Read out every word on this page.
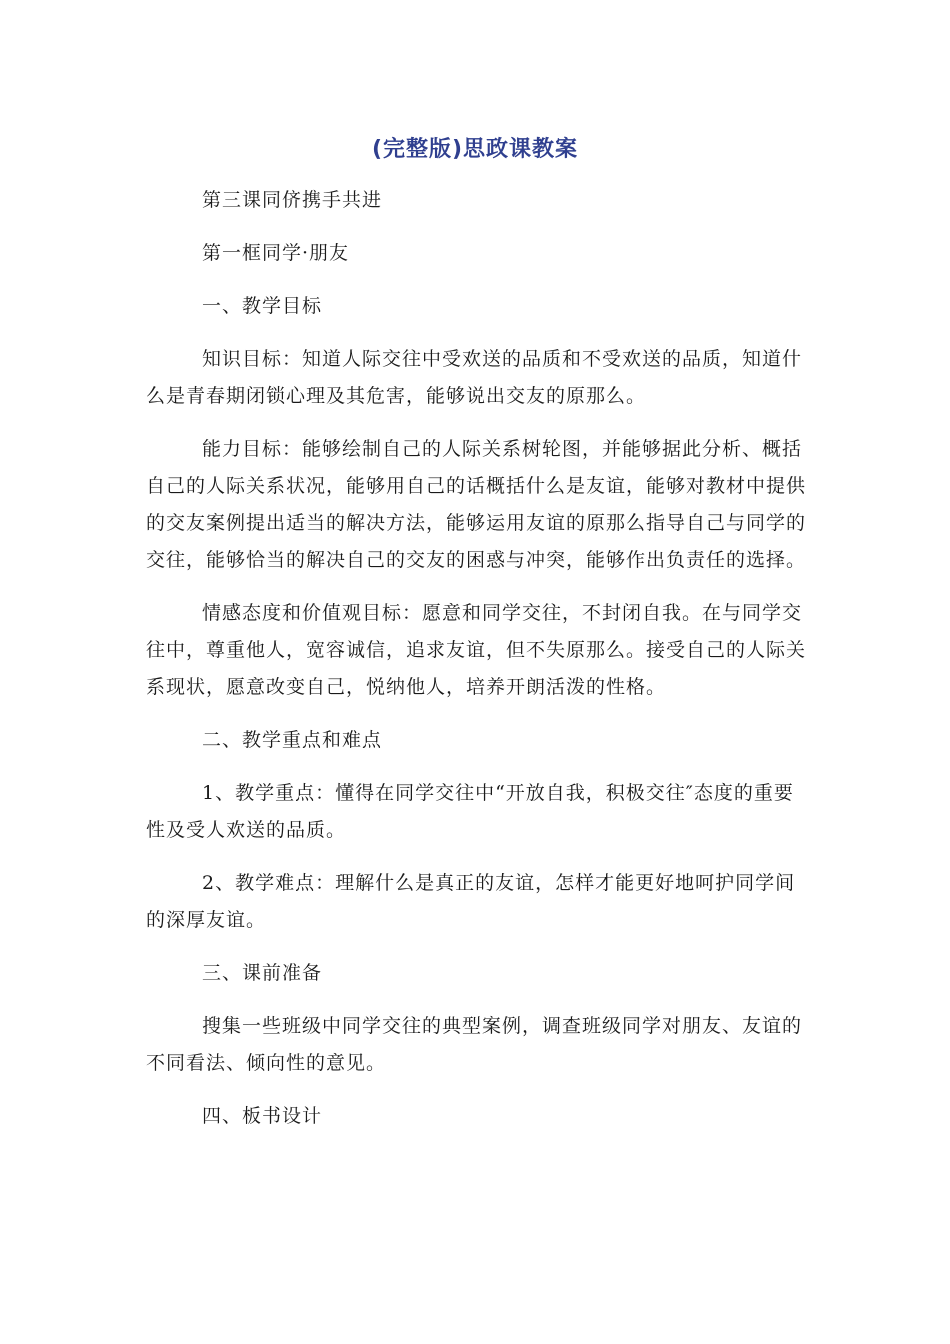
(完整版)思政课教案

第三课同侪携手共进

第一框同学·朋友

一、教学目标

知识目标：知道人际交往中受欢送的品质和不受欢送的品质，知道什么是青春期闭锁心理及其危害，能够说出交友的原那么。

能力目标：能够绘制自己的人际关系树轮图，并能够据此分析、概括自己的人际关系状况，能够用自己的话概括什么是友谊，能够对教材中提供的交友案例提出适当的解决方法，能够运用友谊的原那么指导自己与同学的交往，能够恰当的解决自己的交友的困惑与冲突，能够作出负责任的选择。

情感态度和价值观目标：愿意和同学交往，不封闭自我。在与同学交往中，尊重他人，宽容诚信，追求友谊，但不失原那么。接受自己的人际关系现状，愿意改变自己，悦纳他人，培养开朗活泼的性格。

二、教学重点和难点

1、教学重点：懂得在同学交往中“开放自我，积极交往″态度的重要性及受人欢送的品质。

2、教学难点：理解什么是真正的友谊，怎样才能更好地呵护同学间的深厚友谊。

三、课前准备

搜集一些班级中同学交往的典型案例，调查班级同学对朋友、友谊的不同看法、倾向性的意见。

四、板书设计
